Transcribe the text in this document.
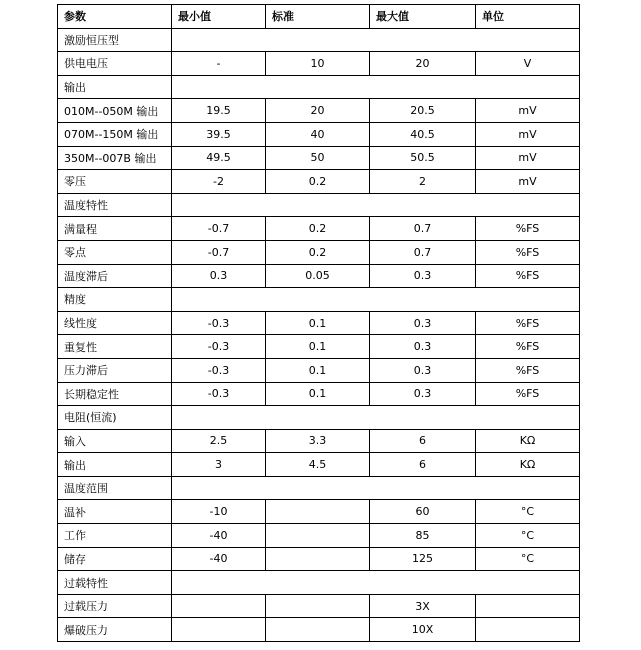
参数	最小值	标准	最大值	单位
激励恒压型				
供电电压	-	10	20	V
输出				
010M--050M 输出	19.5	20	20.5	mV
070M--150M 输出	39.5	40	40.5	mV
350M--007B 输出	49.5	50	50.5	mV
零压	-2	0.2	2	mV
温度特性				
满量程	-0.7	0.2	0.7	%FS
零点	-0.7	0.2	0.7	%FS
温度滞后	0.3	0.05	0.3	%FS
精度				
线性度	-0.3	0.1	0.3	%FS
重复性	-0.3	0.1	0.3	%FS
压力滞后	-0.3	0.1	0.3	%FS
长期稳定性	-0.3	0.1	0.3	%FS
电阻(恒流)				
输入	2.5	3.3	6	KΩ
输出	3	4.5	6	KΩ
温度范围				
温补	-10		60	°C
工作	-40		85	°C
储存	-40		125	°C
过载特性				
过载压力			3X	
爆破压力			10X	
